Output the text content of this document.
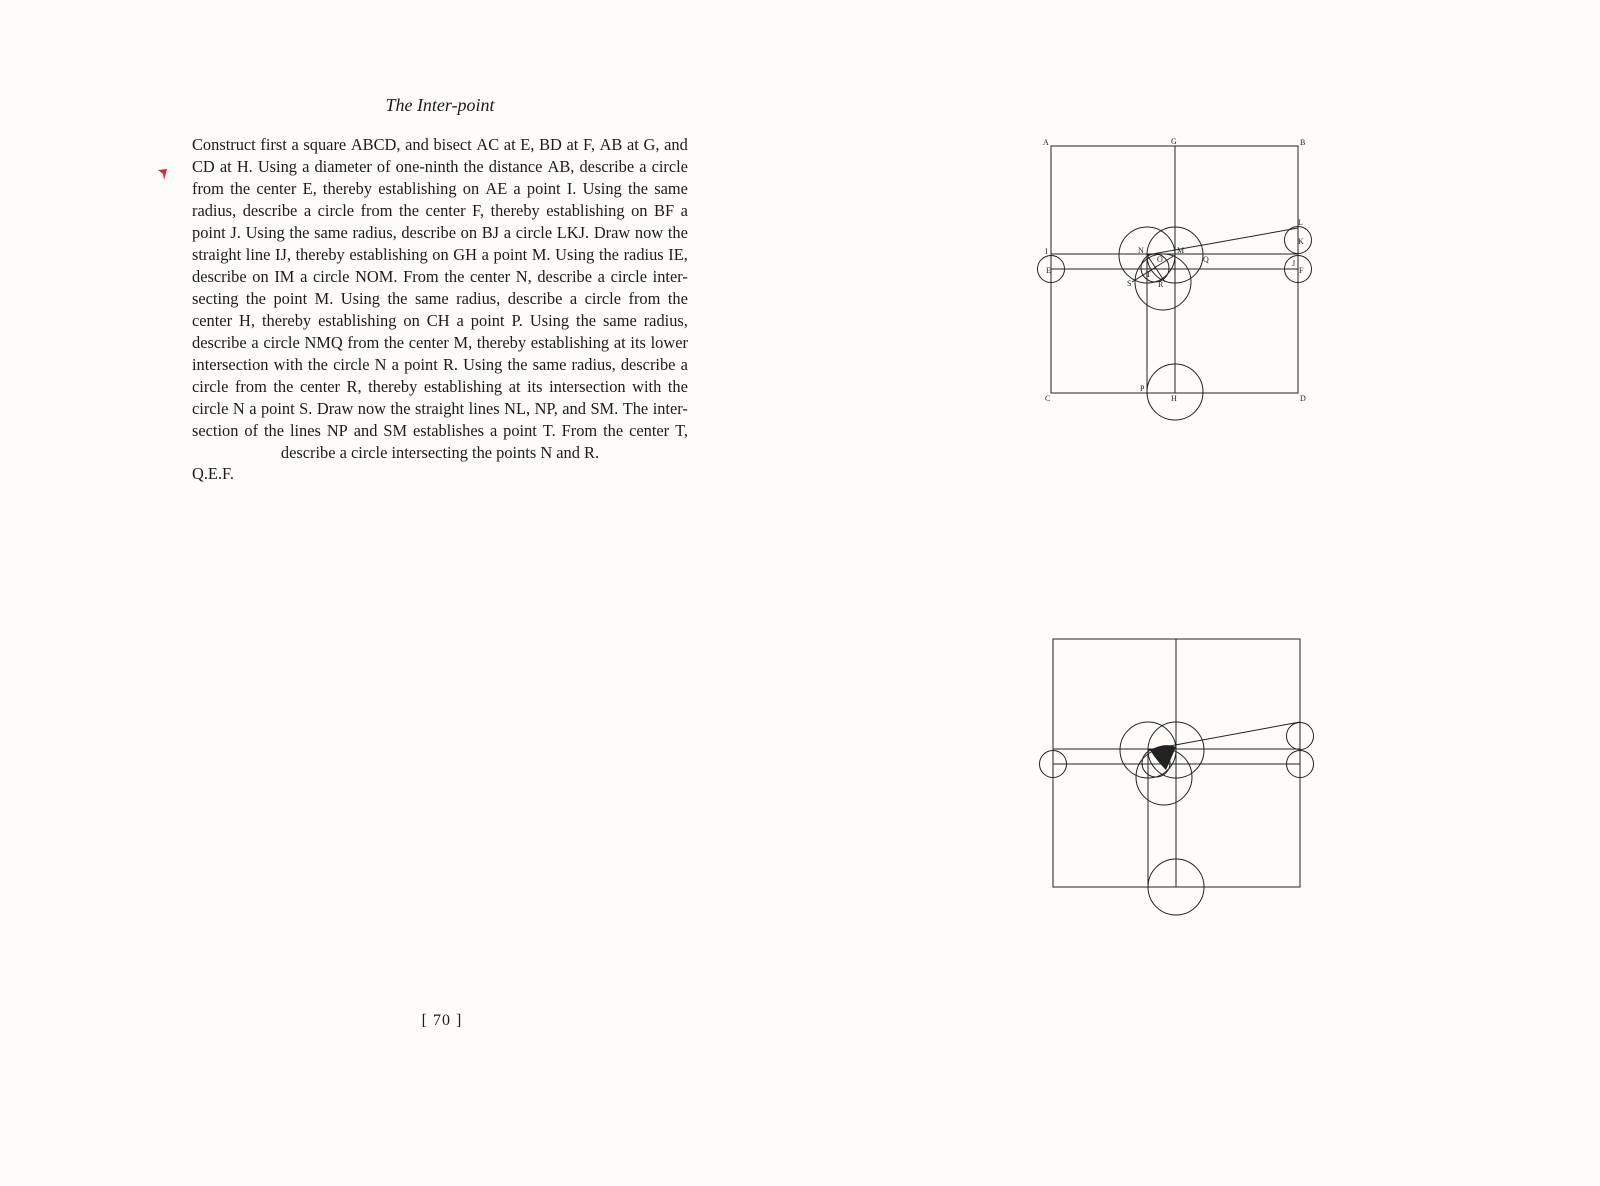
The Inter-point
Construct first a square ABCD, and bisect AC at E, BD at F, AB at G, and
CD at H. Using a diameter of one-ninth the distance AB, describe a circle
from the center E, thereby establishing on AE a point I. Using the same
radius, describe a circle from the center F, thereby establishing on BF a
point J. Using the same radius, describe on BJ a circle LKJ. Draw now the
straight line IJ, thereby establishing on GH a point M. Using the radius IE,
describe on IM a circle NOM. From the center N, describe a circle inter-
secting the point M. Using the same radius, describe a circle from the
center H, thereby establishing on CH a point P. Using the same radius,
describe a circle NMQ from the center M, thereby establishing at its lower
intersection with the circle N a point R. Using the same radius, describe a
circle from the center R, thereby establishing at its intersection with the
circle N a point S. Draw now the straight lines NL, NP, and SM. The inter-
section of the lines NP and SM establishes a point T. From the center T,
describe a circle intersecting the points N and R.
Q.E.F.
[ 70 ]
A	B
G
C	D
H
I
E
J
F
L
K
N
O	Q
S	R
T
M
P
